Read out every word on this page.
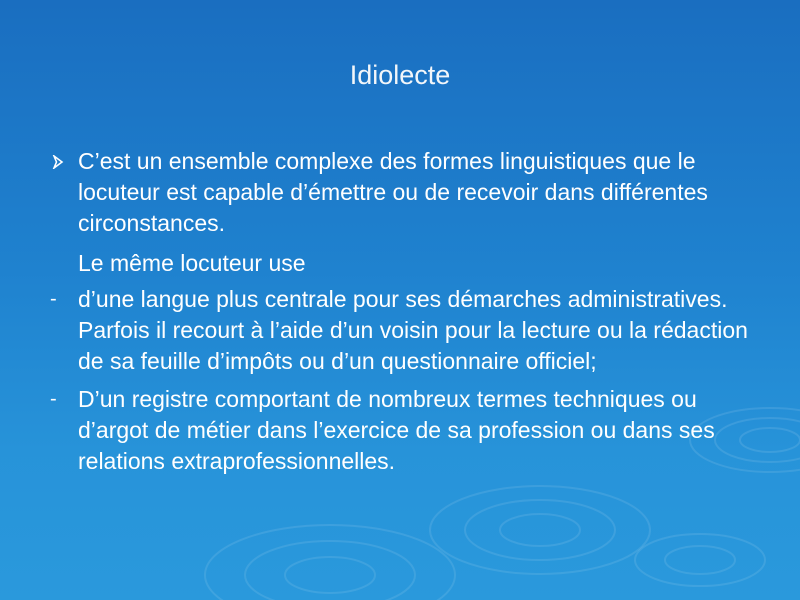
Idiolecte
C’est un ensemble complexe des formes linguistiques que le locuteur est capable d’émettre ou de recevoir dans différentes circonstances.
Le même locuteur use
- d’une langue plus centrale pour ses démarches administratives. Parfois il recourt à l’aide d’un voisin pour la lecture ou la rédaction de sa feuille d’impôts ou d’un questionnaire officiel;
- D’un registre comportant de nombreux termes techniques ou d’argot de métier dans l’exercice de sa profession ou dans ses relations extraprofessionnelles.
